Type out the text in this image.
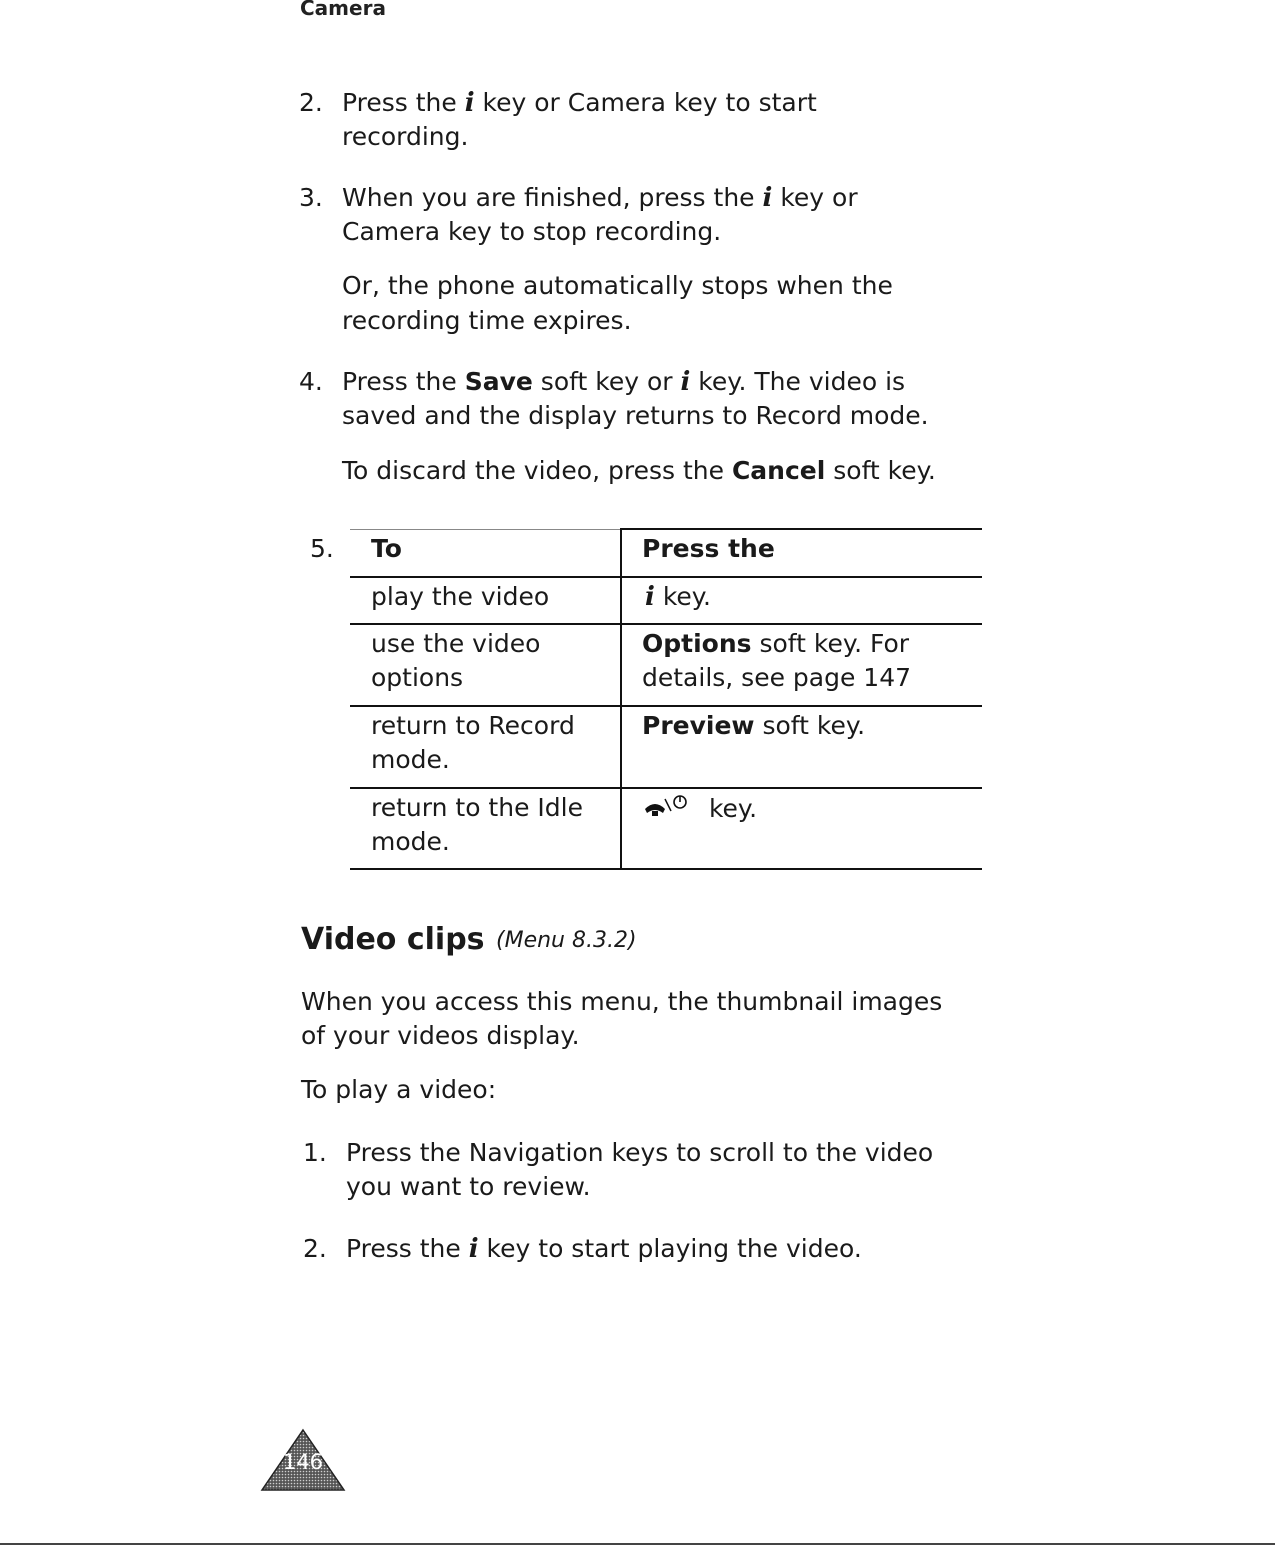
Camera
2. Press the i key or Camera key to start
recording.
3. When you are finished, press the i key or
Camera key to stop recording.
Or, the phone automatically stops when the
recording time expires.
4. Press the Save soft key or i key. The video is
saved and the display returns to Record mode.
To discard the video, press the Cancel soft key.
5. To	Press the
play the video	i key.
use the video
options
Options soft key. For
details, see page 147
return to Record
mode.
Preview soft key.
return to the Idle
mode.
key.
Video clips (Menu 8.3.2)
When you access this menu, the thumbnail images
of your videos display.
To play a video:
1. Press the Navigation keys to scroll to the video
you want to review.
2. Press the i key to start playing the video.
146
